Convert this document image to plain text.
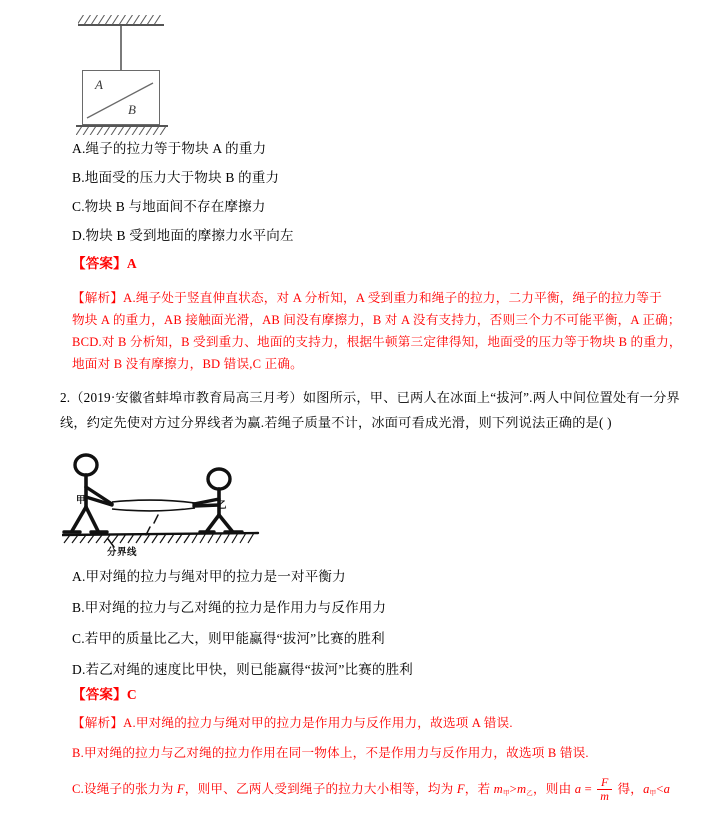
A
B
A.绳子的拉力等于物块 A 的重力
B.地面受的压力大于物块 B 的重力
C.物块 B 与地面间不存在摩擦力
D.物块 B 受到地面的摩擦力水平向左
【答案】A
【解析】A.绳子处于竖直伸直状态，对 A 分析知，A 受到重力和绳子的拉力，二力平衡，绳子的拉力等于
物块 A 的重力，AB 接触面光滑，AB 间没有摩擦力，B 对 A 没有支持力，否则三个力不可能平衡，A 正确；
BCD.对 B 分析知，B 受到重力、地面的支持力，根据牛顿第三定律得知，地面受的压力等于物块 B 的重力，
地面对 B 没有摩擦力，BD 错误,C 正确。
2.（2019·安徽省蚌埠市教育局高三月考）如图所示，甲、已两人在冰面上“拔河”.两人中间位置处有一分界
线，约定先使对方过分界线者为赢.若绳子质量不计，冰面可看成光滑，则下列说法正确的是( )
甲	乙
分界线
A.甲对绳的拉力与绳对甲的拉力是一对平衡力
B.甲对绳的拉力与乙对绳的拉力是作用力与反作用力
C.若甲的质量比乙大，则甲能赢得“拔河”比赛的胜利
D.若乙对绳的速度比甲快，则已能赢得“拔河”比赛的胜利
【答案】C
【解析】A.甲对绳的拉力与绳对甲的拉力是作用力与反作用力，故选项 A 错误.
B.甲对绳的拉力与乙对绳的拉力作用在同一物体上，不是作用力与反作用力，故选项 B 错误.
C.设绳子的张力为 F，则甲、乙两人受到绳子的拉力大小相等，均为 F，若 $m_甲>m_乙$，则由 $a = \frac{F}{m}$ 得，$a_甲<a$
